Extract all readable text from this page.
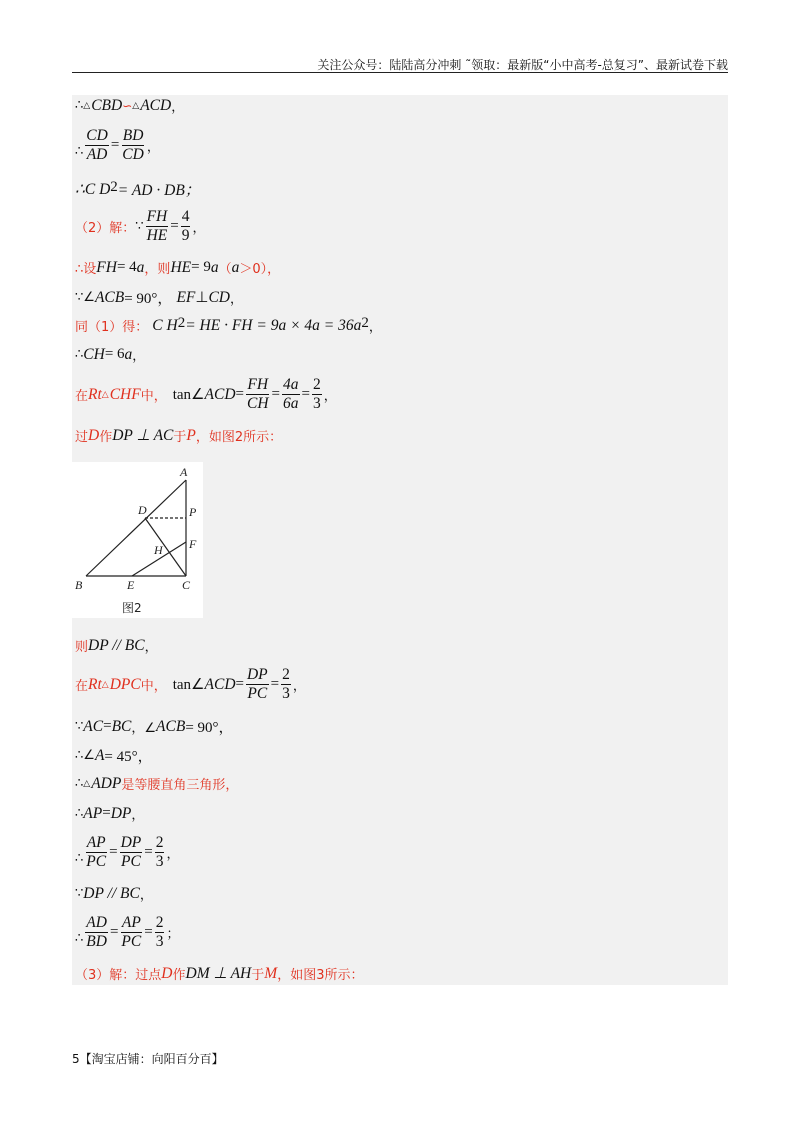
关注公众号：陆陆高分冲刺 ˜领取：最新版“小中高考-总复习”、最新试卷下载
∴ △ CBD ∽ △ ACD ，
∴ $\frac{CD}{AD} = \frac{BD}{CD}$ ，
∴C $D^2$ = AD · DB；
（2）解： ∵ $\frac{FH}{HE} = \frac{4}{9}$ ，
∴设 FH = 4 a ，则 HE = 9 a （ a ＞0），
∵∠ ACB = 90°， EF ⊥ CD ，
同（1）得： C $H^2$ = HE · FH = $9a \times 4a = 36a^2$ ，
∴ CH = 6 a ，
在 Rt △ CHF 中， tan∠ ACD = $\frac{FH}{CH} = \frac{4a}{6a} = \frac{2}{3}$ ，
过 D 作 DP ⊥ AC 于 P ，如图2所示：
A
D	P
H F
B	E	C
图2
则 DP // BC ，
在 Rt △ DPC 中， tan∠ ACD = $\frac{DP}{PC} = \frac{2}{3}$ ，
∵ AC = BC ，∠ ACB = 90°，
∴∠ A = 45°，
∴ △ ADP 是等腰直角三角形，
∴ AP = DP ，
∴ $\frac{AP}{PC} = \frac{DP}{PC} = \frac{2}{3}$ ，
∵ DP // BC ，
∴ $\frac{AD}{BD} = \frac{AP}{PC} = \frac{2}{3}$ ；
（3）解：过点 D 作 DM ⊥ AH 于 M ，如图3所示：
5【淘宝店铺：向阳百分百】
